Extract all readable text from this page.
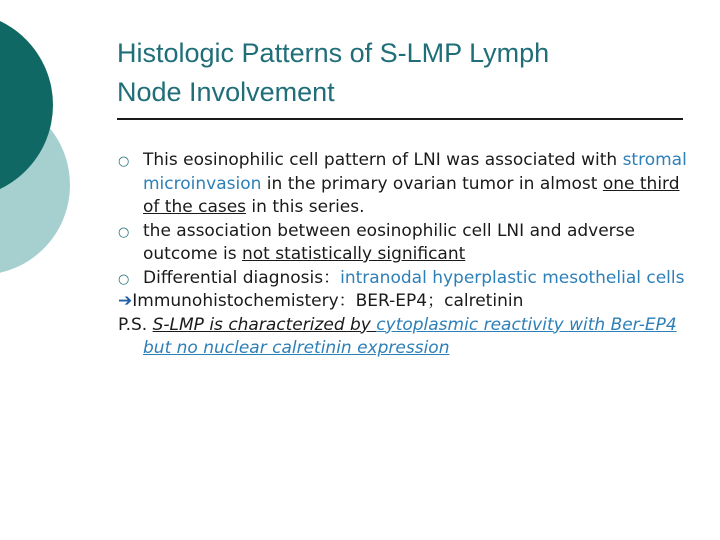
Histologic Patterns of S-LMP Lymph
Node Involvement
○ This eosinophilic cell pattern of LNI was associated with stromal microinvasion in the primary ovarian tumor in almost one third of the cases in this series.
○ the association between eosinophilic cell LNI and adverse outcome is not statistically significant
○ Differential diagnosis：intranodal hyperplastic mesothelial cells
➔Immunohistochemistery：BER-EP4；calretinin
P.S. S-LMP is characterized by cytoplasmic reactivity with Ber-EP4 but no nuclear calretinin expression
